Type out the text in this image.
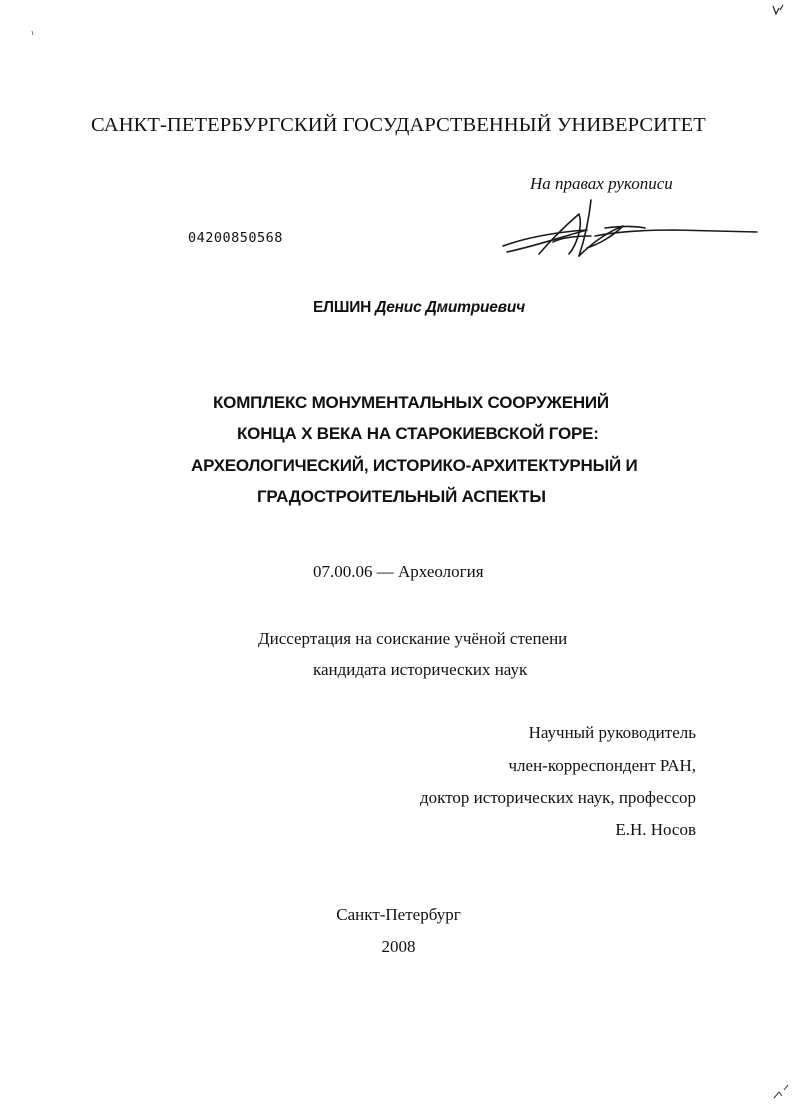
САНКТ-ПЕТЕРБУРГСКИЙ ГОСУДАРСТВЕННЫЙ УНИВЕРСИТЕТ
На правах рукописи
04200850568
ЕЛШИН Денис Дмитриевич
КОМПЛЕКС МОНУМЕНТАЛЬНЫХ СООРУЖЕНИЙ
КОНЦА X ВЕКА НА СТАРОКИЕВСКОЙ ГОРЕ:
АРХЕОЛОГИЧЕСКИЙ, ИСТОРИКО-АРХИТЕКТУРНЫЙ И
ГРАДОСТРОИТЕЛЬНЫЙ АСПЕКТЫ
07.00.06 — Археология
Диссертация на соискание учёной степени
кандидата исторических наук
Научный руководитель
член-корреспондент РАН,
доктор исторических наук, профессор
Е.Н. Носов
Санкт-Петербург
2008
